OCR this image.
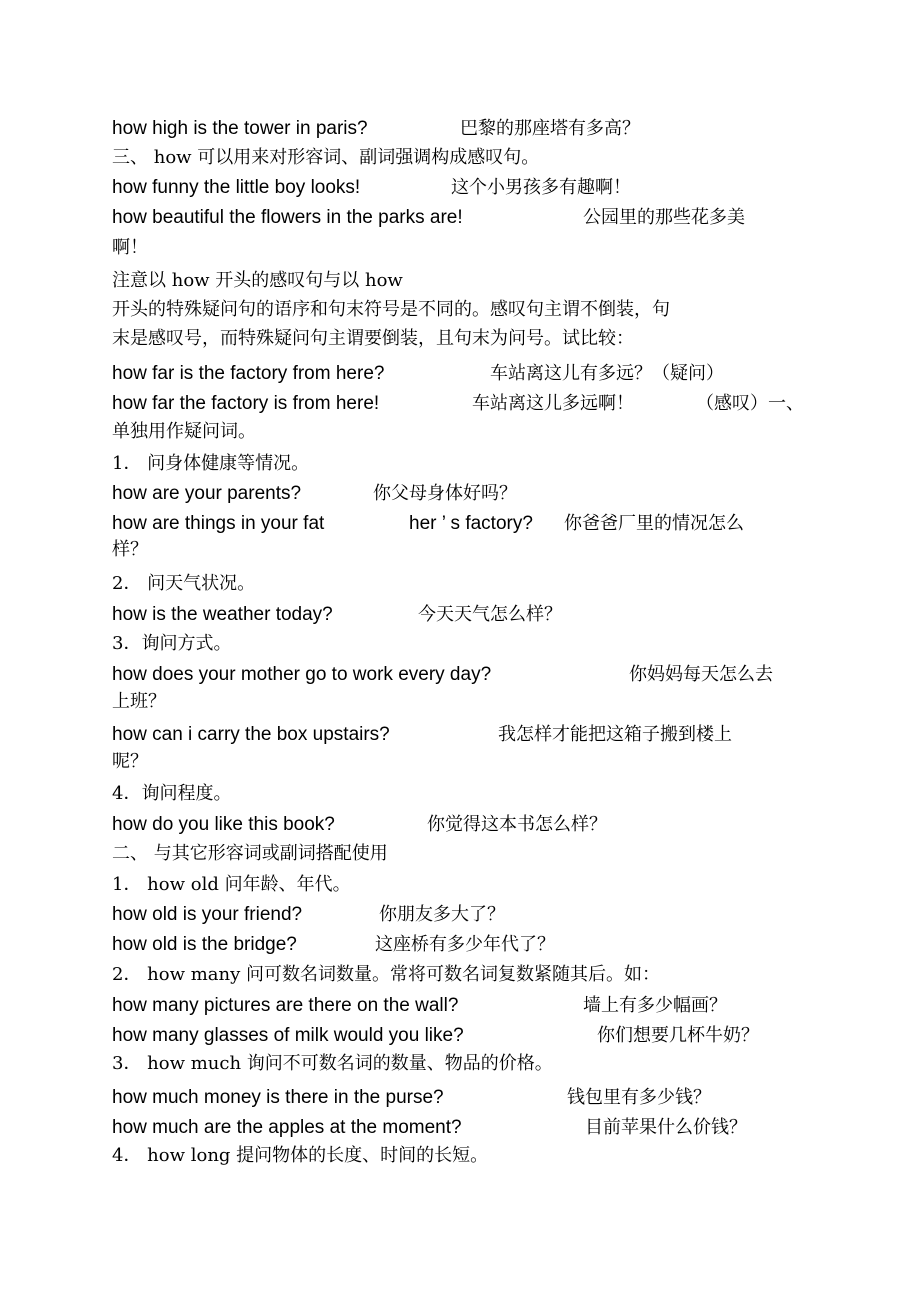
how high is the tower in paris?	巴黎的那座塔有多高？
三、 how 可以用来对形容词、副词强调构成感叹句。
how funny the little boy looks!	这个小男孩多有趣啊！
how beautiful the flowers in the parks are!	公园里的那些花多美
啊！
注意以 how 开头的感叹句与以 how
开头的特殊疑问句的语序和句末符号是不同的。感叹句主谓不倒装，句
末是感叹号，而特殊疑问句主谓要倒装，且句末为问号。试比较：
how far is the factory from here?	车站离这儿有多远？（疑问）
how far the factory is from here!	车站离这儿多远啊！	（感叹）一、
单独用作疑问词。
1． 问身体健康等情况。
how are your parents?	你父母身体好吗？
how are things in your fat	her ’ s factory? 你爸爸厂里的情况怎么
样？
2． 问天气状况。
how is the weather today?	今天天气怎么样？
3．询问方式。
how does your mother go to work every day?	你妈妈每天怎么去
上班？
how can i carry the box upstairs?	我怎样才能把这箱子搬到楼上
呢？
4．询问程度。
how do you like this book?	你觉得这本书怎么样？
二、 与其它形容词或副词搭配使用
1． how old 问年龄、年代。
how old is your friend?	你朋友多大了？
how old is the bridge?	这座桥有多少年代了？
2． how many 问可数名词数量。常将可数名词复数紧随其后。如：
how many pictures are there on the wall?	墙上有多少幅画？
how many glasses of milk would you like?	你们想要几杯牛奶？
3． how much 询问不可数名词的数量、物品的价格。
how much money is there in the purse?	钱包里有多少钱？
how much are the apples at the moment?	目前苹果什么价钱？
4． how long 提问物体的长度、时间的长短。
